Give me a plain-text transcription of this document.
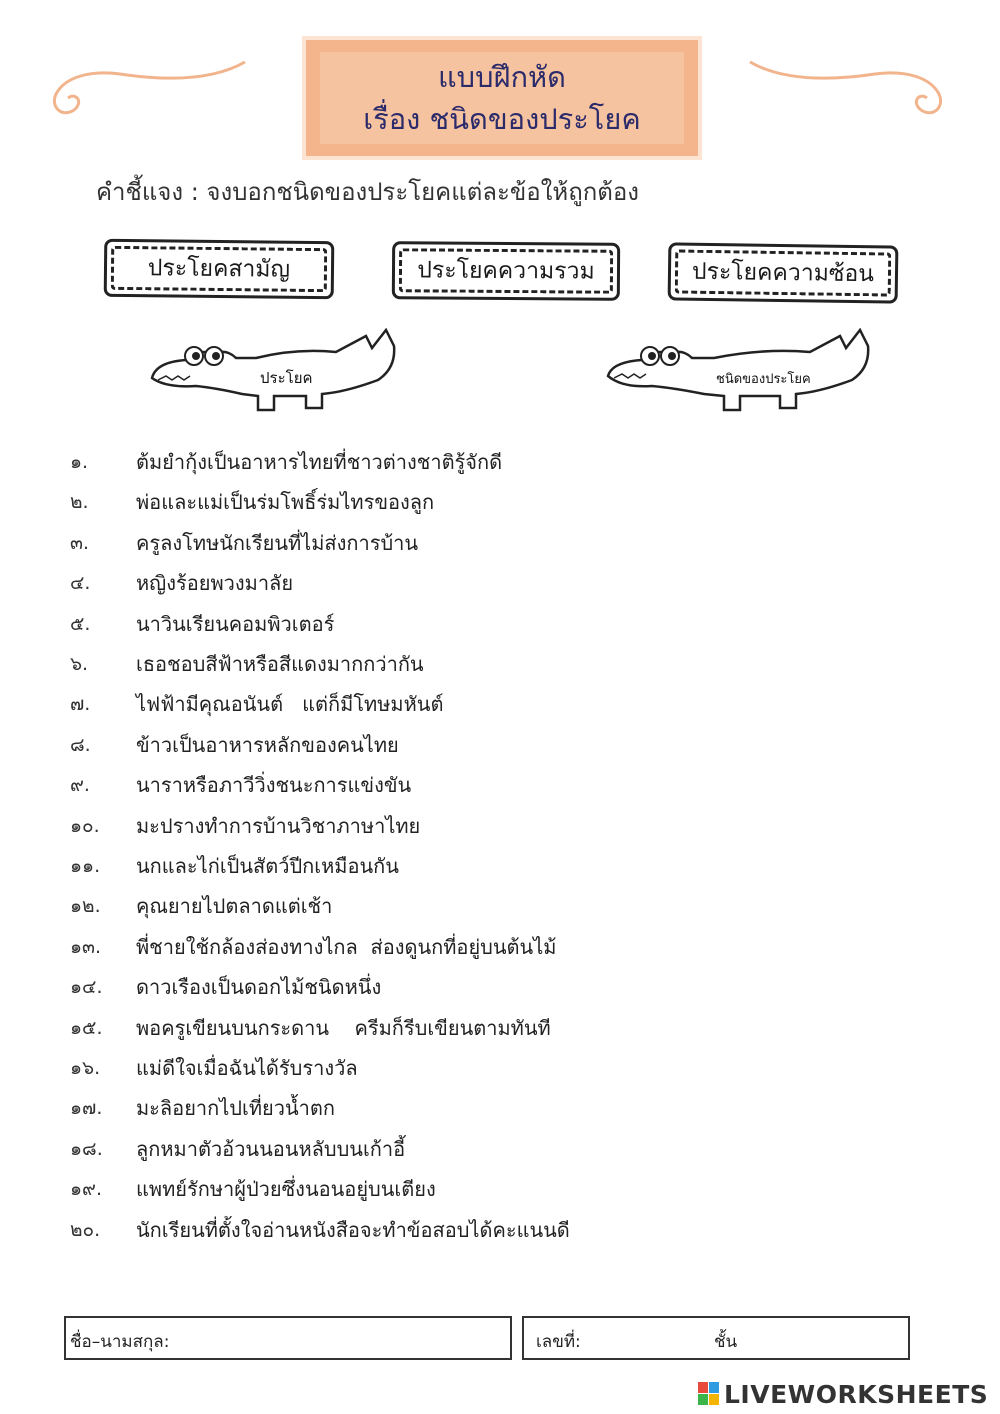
แบบฝึกหัด
เรื่อง ชนิดของประโยค
คำชี้แจง : จงบอกชนิดของประโยคแต่ละข้อให้ถูกต้อง
ประโยคสามัญ	ประโยคความรวม	ประโยคความซ้อน
ประโยค	ชนิดของประโยค
๑.	ต้มยำกุ้งเป็นอาหารไทยที่ชาวต่างชาติรู้จักดี
๒.	พ่อและแม่เป็นร่มโพธิ์ร่มไทรของลูก
๓.	ครูลงโทษนักเรียนที่ไม่ส่งการบ้าน
๔.	หญิงร้อยพวงมาลัย
๕.	นาวินเรียนคอมพิวเตอร์
๖.	เธอชอบสีฟ้าหรือสีแดงมากกว่ากัน
๗.	ไฟฟ้ามีคุณอนันต์   แต่ก็มีโทษมหันต์
๘.	ข้าวเป็นอาหารหลักของคนไทย
๙.	นาราหรือภาวีวิ่งชนะการแข่งขัน
๑๐.	มะปรางทำการบ้านวิชาภาษาไทย
๑๑.	นกและไก่เป็นสัตว์ปีกเหมือนกัน
๑๒.	คุณยายไปตลาดแต่เช้า
๑๓.	พี่ชายใช้กล้องส่องทางไกล  ส่องดูนกที่อยู่บนต้นไม้
๑๔.	ดาวเรืองเป็นดอกไม้ชนิดหนึ่ง
๑๕.	พอครูเขียนบนกระดาน    ครีมก็รีบเขียนตามทันที
๑๖.	แม่ดีใจเมื่อฉันได้รับรางวัล
๑๗.	มะลิอยากไปเที่ยวน้ำตก
๑๘.	ลูกหมาตัวอ้วนนอนหลับบนเก้าอี้
๑๙.	แพทย์รักษาผู้ป่วยซึ่งนอนอยู่บนเตียง
๒๐.	นักเรียนที่ตั้งใจอ่านหนังสือจะทำข้อสอบได้คะแนนดี
ชื่อ–นามสกุล:	เลขที่:	ชั้น
LIVEWORKSHEETS
